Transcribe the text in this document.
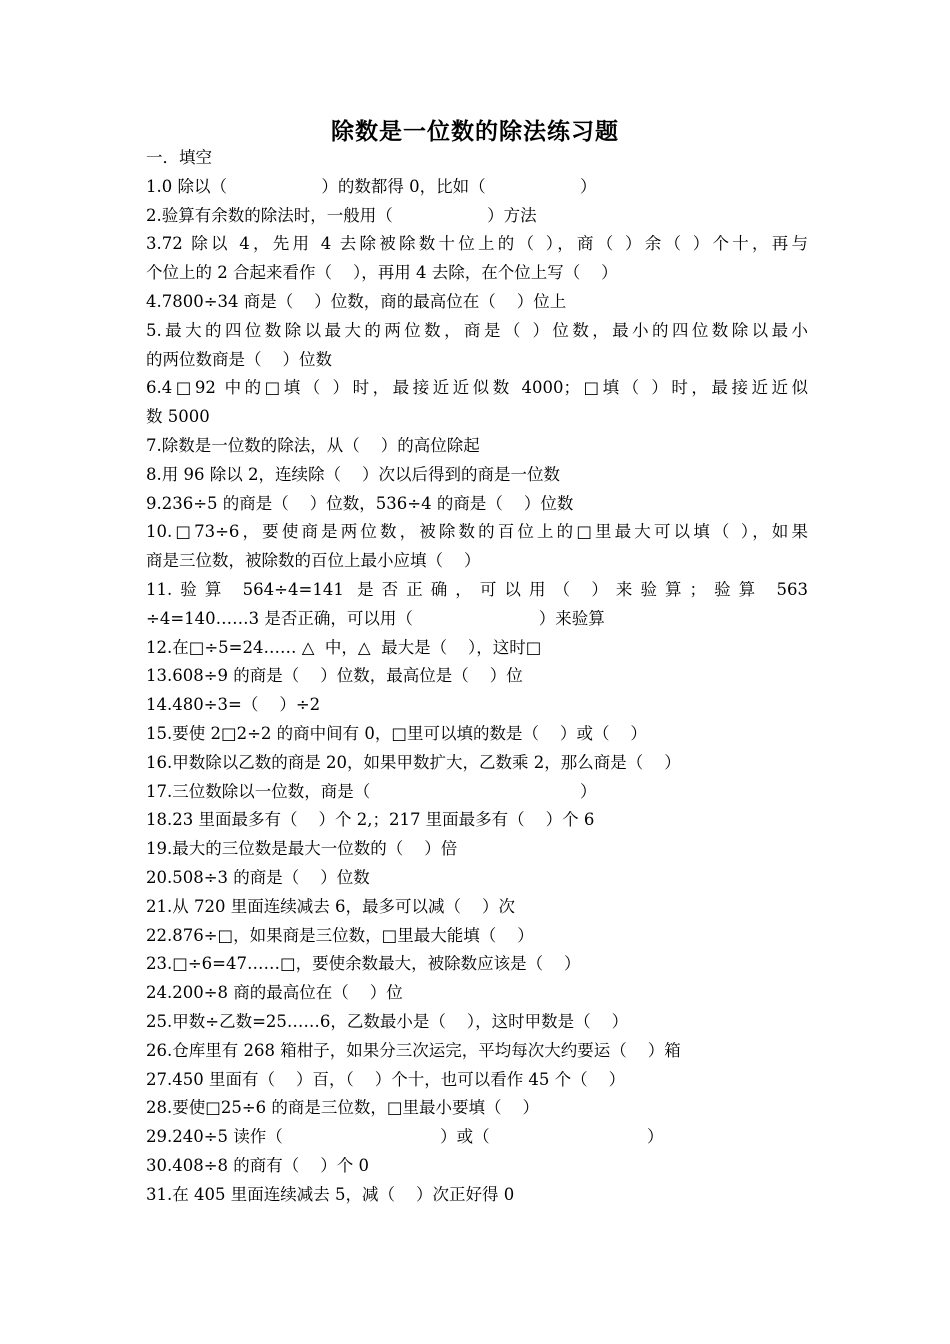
除数是一位数的除法练习题
一．填空
1.0 除以（                  ）的数都得 0，比如（                  ）
2.验算有余数的除法时，一般用（                  ）方法
3.72 除以 4，先用 4 去除被除数十位上的（ ），商（ ）余（ ）个十，再与
个位上的 2 合起来看作（    ），再用 4 去除，在个位上写（    ）
4.7800÷34 商是（    ）位数，商的最高位在（    ）位上
5.最大的四位数除以最大的两位数，商是（ ）位数，最小的四位数除以最小
的两位数商是（    ）位数
6.4□92 中的□填（ ）时，最接近近似数 4000；□填（ ）时，最接近近似
数 5000
7.除数是一位数的除法，从（    ）的高位除起
8.用 96 除以 2，连续除（    ）次以后得到的商是一位数
9.236÷5 的商是（    ）位数，536÷4 的商是（    ）位数
10.□73÷6，要使商是两位数，被除数的百位上的□里最大可以填（ ），如果
商是三位数，被除数的百位上最小应填（    ）
11.验算 564÷4=141 是否正确，可以用（ ）来验算；验算 563
÷4=140……3 是否正确，可以用（                        ）来验算
12.在□÷5=24…… △  中，△  最大是（    ），这时□
13.608÷9 的商是（    ）位数，最高位是（    ）位
14.480÷3=（    ）÷2
15.要使 2□2÷2 的商中间有 0，□里可以填的数是（    ）或（    ）
16.甲数除以乙数的商是 20，如果甲数扩大，乙数乘 2，那么商是（    ）
17.三位数除以一位数，商是（                                        ）
18.23 里面最多有（    ）个 2,；217 里面最多有（    ）个 6
19.最大的三位数是最大一位数的（    ）倍
20.508÷3 的商是（    ）位数
21.从 720 里面连续减去 6，最多可以减（    ）次
22.876÷□，如果商是三位数，□里最大能填（    ）
23.□÷6=47……□，要使余数最大，被除数应该是（    ）
24.200÷8 商的最高位在（    ）位
25.甲数÷乙数=25……6，乙数最小是（    ），这时甲数是（    ）
26.仓库里有 268 箱柑子，如果分三次运完，平均每次大约要运（    ）箱
27.450 里面有（    ）百，（    ）个十，也可以看作 45 个（    ）
28.要使□25÷6 的商是三位数，□里最小要填（    ）
29.240÷5 读作（                              ）或（                              ）
30.408÷8 的商有（    ）个 0
31.在 405 里面连续减去 5，减（    ）次正好得 0
